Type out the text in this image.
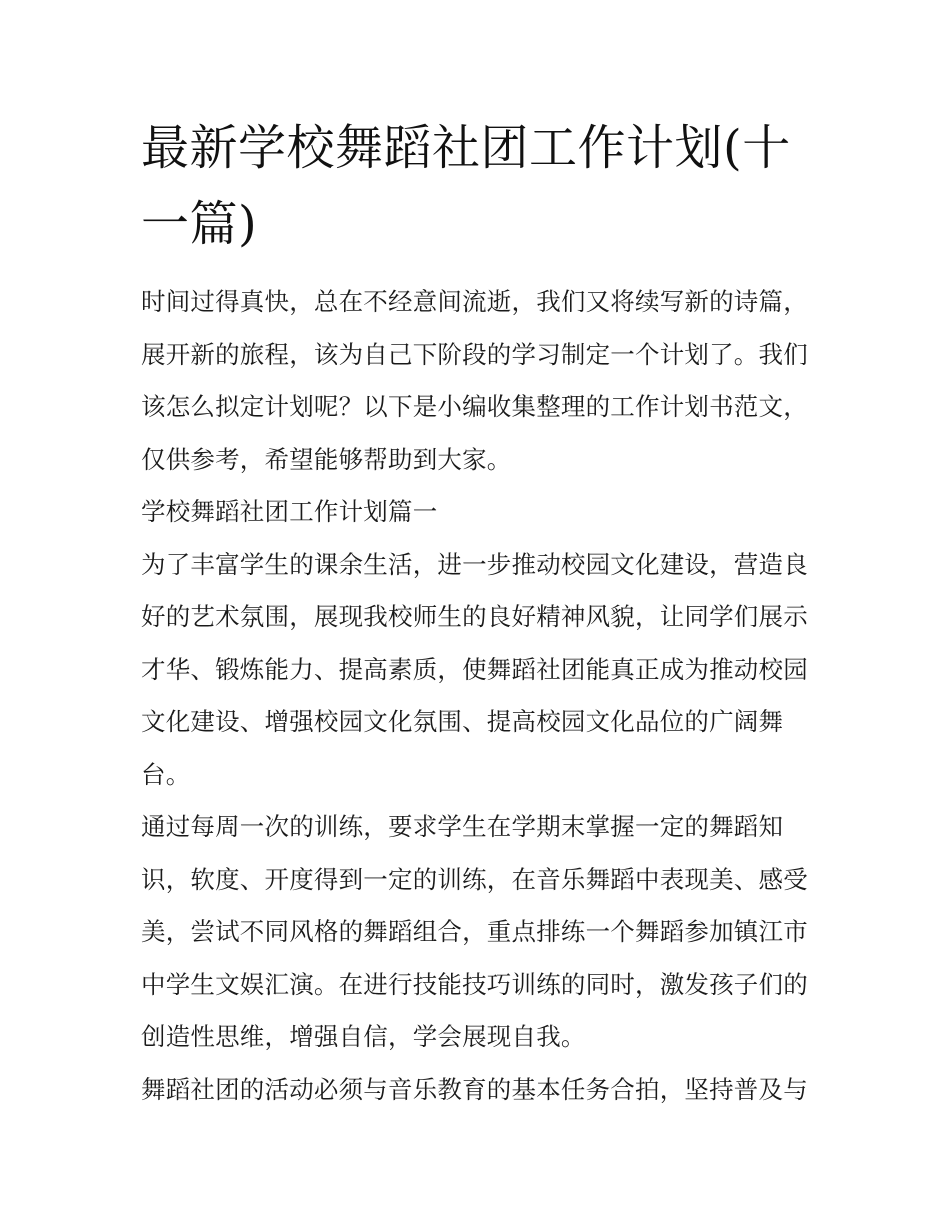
最新学校舞蹈社团工作计划(十一篇)

时间过得真快，总在不经意间流逝，我们又将续写新的诗篇，展开新的旅程，该为自己下阶段的学习制定一个计划了。我们该怎么拟定计划呢？以下是小编收集整理的工作计划书范文，仅供参考，希望能够帮助到大家。

学校舞蹈社团工作计划篇一

为了丰富学生的课余生活，进一步推动校园文化建设，营造良好的艺术氛围，展现我校师生的良好精神风貌，让同学们展示才华、锻炼能力、提高素质，使舞蹈社团能真正成为推动校园文化建设、增强校园文化氛围、提高校园文化品位的广阔舞台。

通过每周一次的训练，要求学生在学期末掌握一定的舞蹈知识，软度、开度得到一定的训练，在音乐舞蹈中表现美、感受美，尝试不同风格的舞蹈组合，重点排练一个舞蹈参加镇江市中学生文娱汇演。在进行技能技巧训练的同时，激发孩子们的创造性思维，增强自信，学会展现自我。

舞蹈社团的活动必须与音乐教育的基本任务合拍，坚持普及与
